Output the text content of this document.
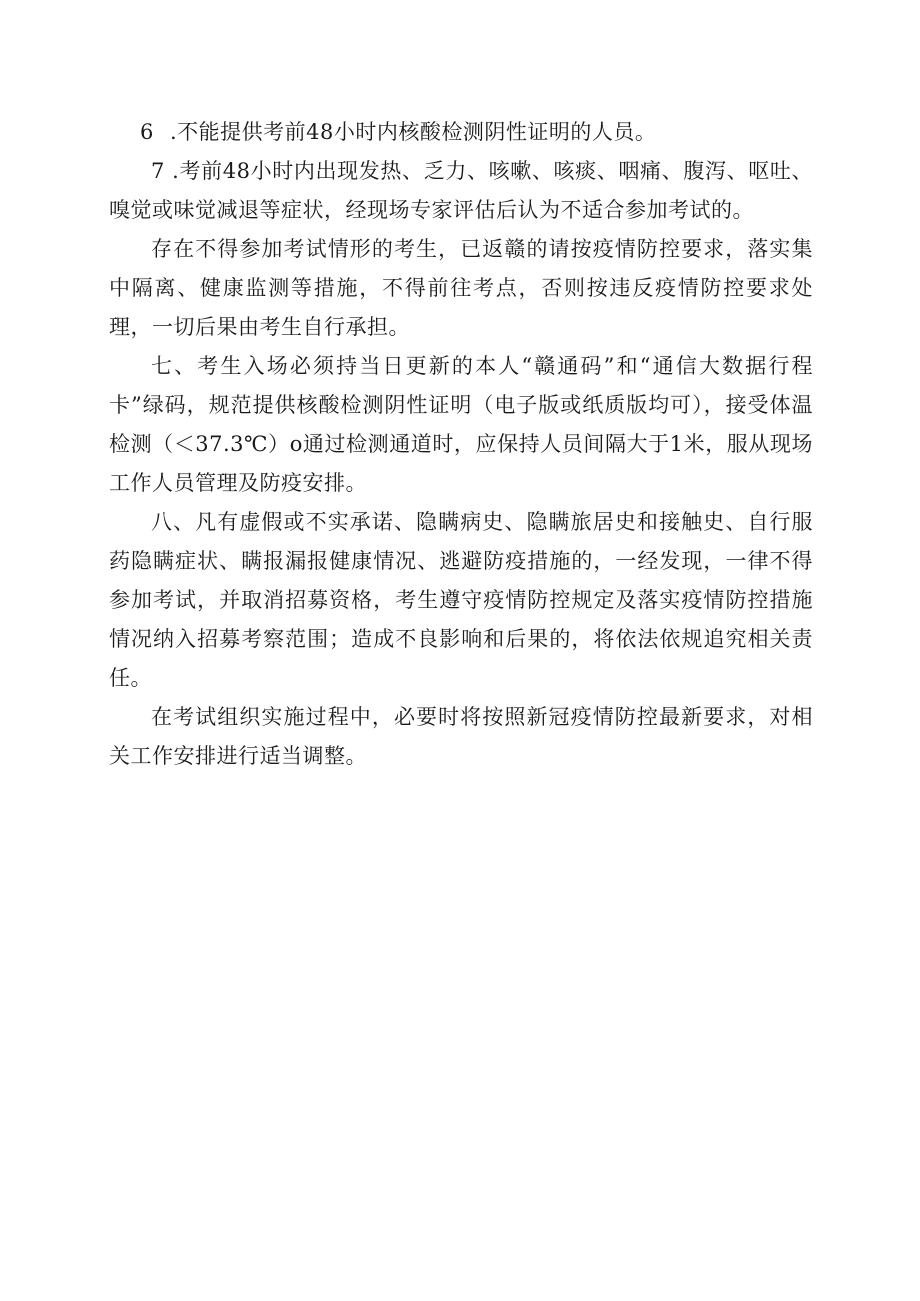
6 .不能提供考前48小时内核酸检测阴性证明的人员。

7 .考前48小时内出现发热、乏力、咳嗽、咳痰、咽痛、腹泻、呕吐、嗅觉或味觉减退等症状，经现场专家评估后认为不适合参加考试的。

存在不得参加考试情形的考生，已返赣的请按疫情防控要求，落实集中隔离、健康监测等措施，不得前往考点，否则按违反疫情防控要求处理，一切后果由考生自行承担。

七、考生入场必须持当日更新的本人“赣通码”和“通信大数据行程卡”绿码，规范提供核酸检测阴性证明（电子版或纸质版均可），接受体温检测（＜37.3℃）o通过检测通道时，应保持人员间隔大于1米，服从现场工作人员管理及防疫安排。

八、凡有虚假或不实承诺、隐瞒病史、隐瞒旅居史和接触史、自行服药隐瞒症状、瞒报漏报健康情况、逃避防疫措施的，一经发现，一律不得参加考试，并取消招募资格，考生遵守疫情防控规定及落实疫情防控措施情况纳入招募考察范围；造成不良影响和后果的，将依法依规追究相关责任。

在考试组织实施过程中，必要时将按照新冠疫情防控最新要求，对相关工作安排进行适当调整。
